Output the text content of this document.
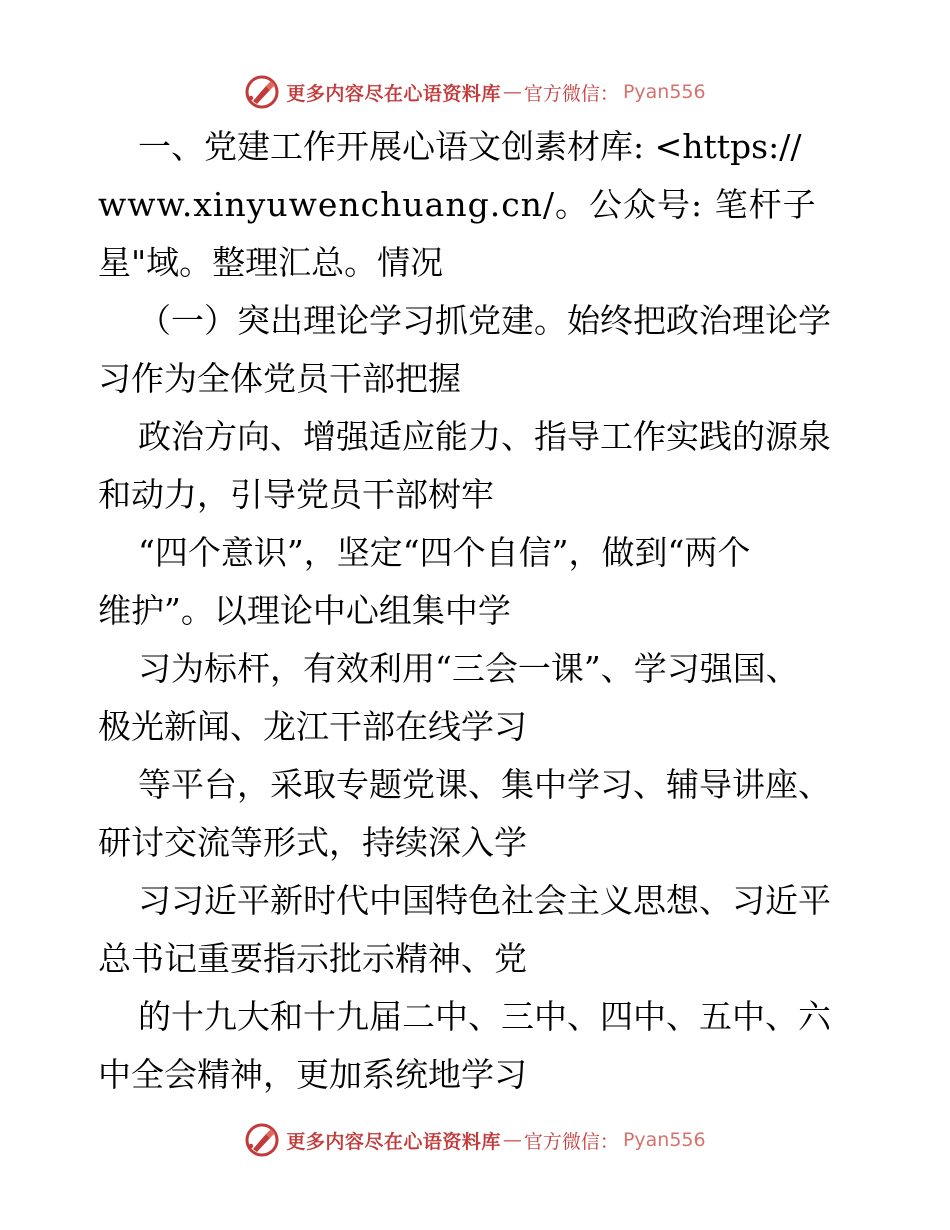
更多内容尽在心语资料库 — 官方微信： Pyan556
一、党建工作开展心语文创素材库: <https://
www.xinyuwenchuang.cn/。公众号: 笔杆子
星"域。整理汇总。情况
（一）突出理论学习抓党建。始终把政治理论学
习作为全体党员干部把握
政治方向、增强适应能力、指导工作实践的源泉
和动力，引导党员干部树牢
“四个意识”，坚定“四个自信”，做到“两个
维护”。以理论中心组集中学
习为标杆，有效利用“三会一课”、学习强国、
极光新闻、龙江干部在线学习
等平台，采取专题党课、集中学习、辅导讲座、
研讨交流等形式，持续深入学
习习近平新时代中国特色社会主义思想、习近平
总书记重要指示批示精神、党
的十九大和十九届二中、三中、四中、五中、六
中全会精神，更加系统地学习
更多内容尽在心语资料库 — 官方微信： Pyan556
